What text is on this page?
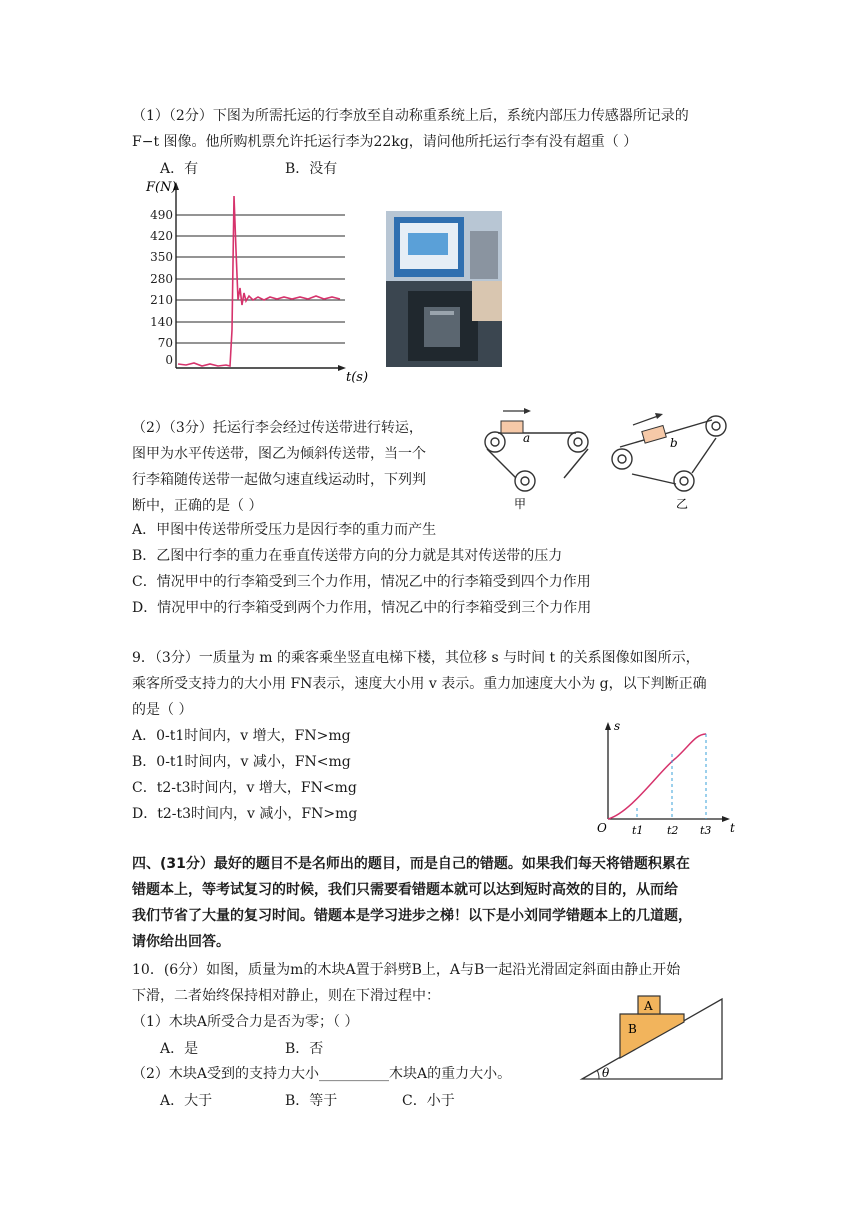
（1）（2分）下图为所需托运的行李放至自动称重系统上后，系统内部压力传感器所记录的
F−t 图像。他所购机票允许托运行李为22kg，请问他所托运行李有没有超重（ ）
A．有	B．没有
F(N)
t(s)
490
420
350
280
210
140
70
0
（2）（3分）托运行李会经过传送带进行转运，
图甲为水平传送带，图乙为倾斜传送带，当一个
行李箱随传送带一起做匀速直线运动时，下列判
断中，正确的是（ ）
A．甲图中传送带所受压力是因行李的重力而产生
B．乙图中行李的重力在垂直传送带方向的分力就是其对传送带的压力
C．情况甲中的行李箱受到三个力作用，情况乙中的行李箱受到四个力作用
D．情况甲中的行李箱受到两个力作用，情况乙中的行李箱受到三个力作用
a
甲
b
乙
9．（3分）一质量为 m 的乘客乘坐竖直电梯下楼，其位移 s 与时间 t 的关系图像如图所示，
乘客所受支持力的大小用 FN表示，速度大小用 v 表示。重力加速度大小为 g，以下判断正确
的是（ ）
A．0-t1时间内，v 增大，FN>mg
B．0-t1时间内，v 减小，FN<mg
C．t2-t3时间内，v 增大，FN<mg
D．t2-t3时间内，v 减小，FN>mg
s
t
O t1 t2 t3
四、(31分）最好的题目不是名师出的题目，而是自己的错题。如果我们每天将错题积累在
错题本上，等考试复习的时候，我们只需要看错题本就可以达到短时高效的目的，从而给
我们节省了大量的复习时间。错题本是学习进步之梯！以下是小刘同学错题本上的几道题，
请你给出回答。
10．(6分）如图，质量为m的木块A置于斜劈B上，A与B一起沿光滑固定斜面由静止开始
下滑，二者始终保持相对静止，则在下滑过程中：
（1）木块A所受合力是否为零；（ ）
A．是	B．否
（2）木块A受到的支持力大小__________木块A的重力大小。
A．大于	B．等于	C．小于
A
B
θ
